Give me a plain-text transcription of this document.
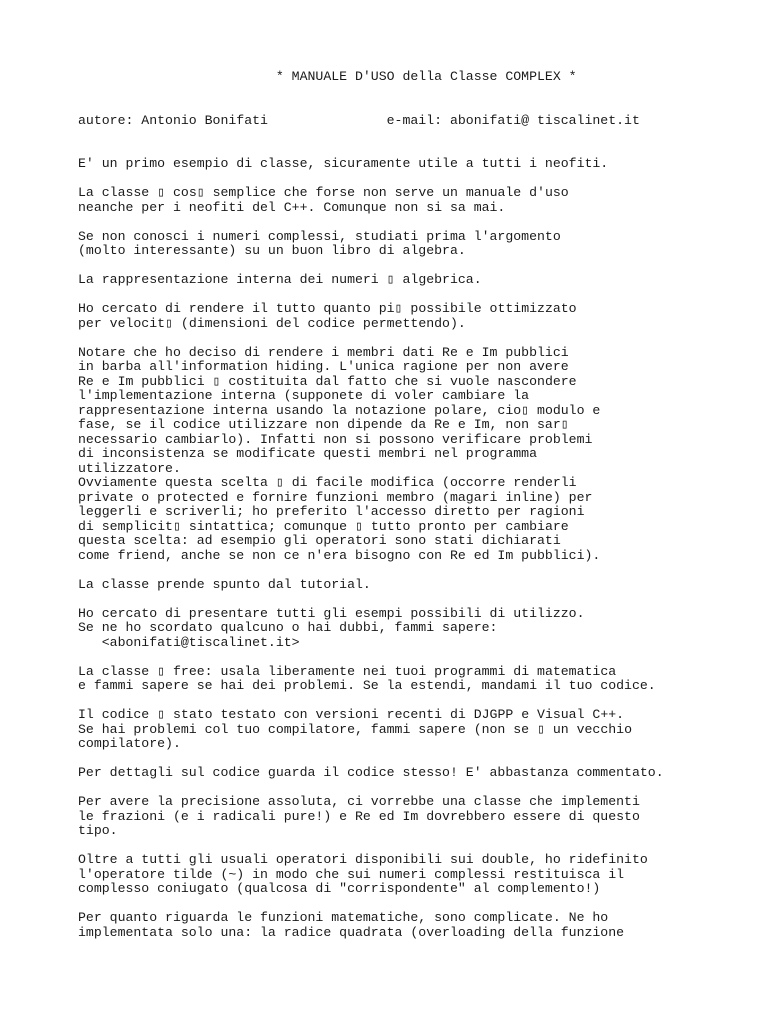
* MANUALE D'USO della Classe COMPLEX *
autore: Antonio Bonifati               e-mail: abonifati@ tiscalinet.it
E' un primo esempio di classe, sicuramente utile a tutti i neofiti.
La classe ▯ cos▯ semplice che forse non serve un manuale d'uso
neanche per i neofiti del C++. Comunque non si sa mai.
Se non conosci i numeri complessi, studiati prima l'argomento
(molto interessante) su un buon libro di algebra.
La rappresentazione interna dei numeri ▯ algebrica.
Ho cercato di rendere il tutto quanto pi▯ possibile ottimizzato
per velocit▯ (dimensioni del codice permettendo).
Notare che ho deciso di rendere i membri dati Re e Im pubblici
in barba all'information hiding. L'unica ragione per non avere
Re e Im pubblici ▯ costituita dal fatto che si vuole nascondere
l'implementazione interna (supponete di voler cambiare la
rappresentazione interna usando la notazione polare, cio▯ modulo e
fase, se il codice utilizzare non dipende da Re e Im, non sar▯
necessario cambiarlo). Infatti non si possono verificare problemi
di inconsistenza se modificate questi membri nel programma
utilizzatore.
Ovviamente questa scelta ▯ di facile modifica (occorre renderli
private o protected e fornire funzioni membro (magari inline) per
leggerli e scriverli; ho preferito l'accesso diretto per ragioni
di semplicit▯ sintattica; comunque ▯ tutto pronto per cambiare
questa scelta: ad esempio gli operatori sono stati dichiarati
come friend, anche se non ce n'era bisogno con Re ed Im pubblici).
La classe prende spunto dal tutorial.
Ho cercato di presentare tutti gli esempi possibili di utilizzo.
Se ne ho scordato qualcuno o hai dubbi, fammi sapere:
<abonifati@tiscalinet.it>
La classe ▯ free: usala liberamente nei tuoi programmi di matematica
e fammi sapere se hai dei problemi. Se la estendi, mandami il tuo codice.
Il codice ▯ stato testato con versioni recenti di DJGPP e Visual C++.
Se hai problemi col tuo compilatore, fammi sapere (non se ▯ un vecchio
compilatore).
Per dettagli sul codice guarda il codice stesso! E' abbastanza commentato.
Per avere la precisione assoluta, ci vorrebbe una classe che implementi
le frazioni (e i radicali pure!) e Re ed Im dovrebbero essere di questo
tipo.
Oltre a tutti gli usuali operatori disponibili sui double, ho ridefinito
l'operatore tilde (~) in modo che sui numeri complessi restituisca il
complesso coniugato (qualcosa di "corrispondente" al complemento!)
Per quanto riguarda le funzioni matematiche, sono complicate. Ne ho
implementata solo una: la radice quadrata (overloading della funzione
